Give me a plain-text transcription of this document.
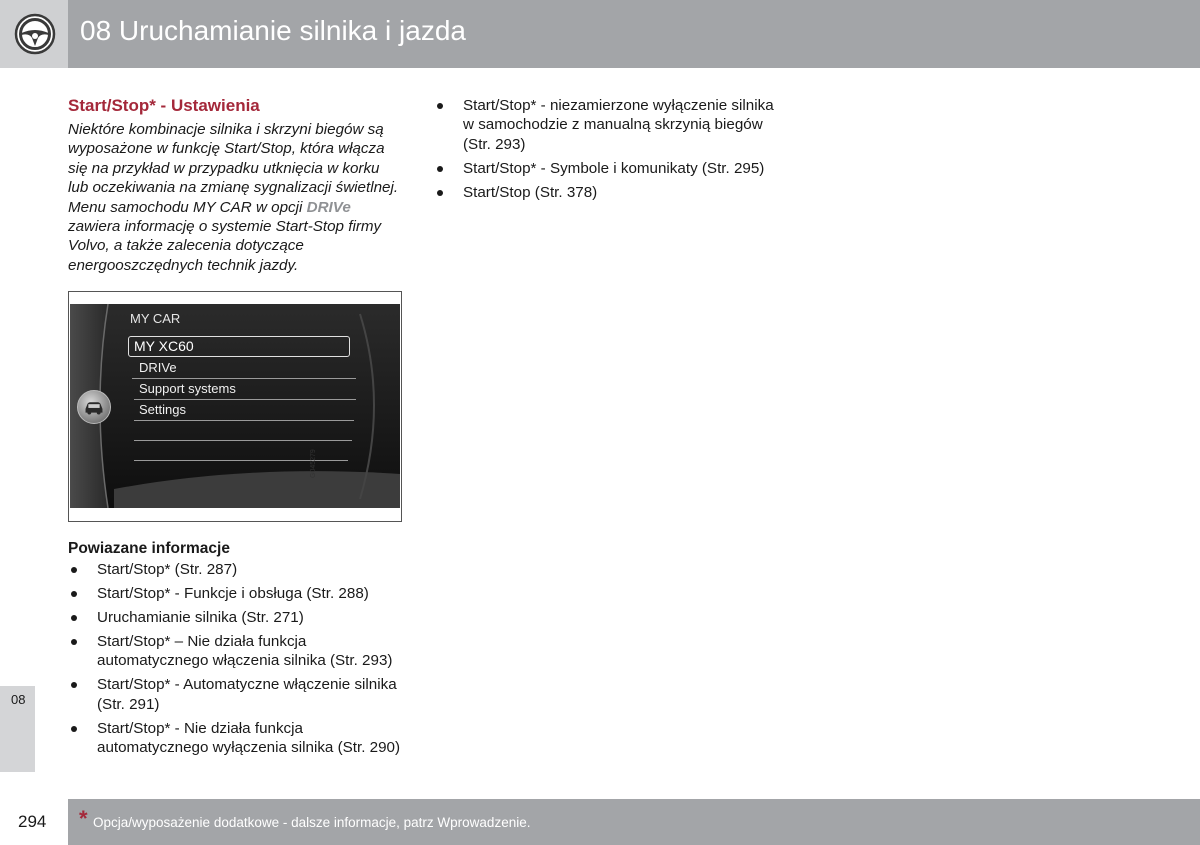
08 Uruchamianie silnika i jazda
Start/Stop* - Ustawienia

Niektóre kombinacje silnika i skrzyni biegów są wyposażone w funkcję Start/Stop, która włącza się na przykład w przypadku utknięcia w korku lub oczekiwania na zmianę sygnalizacji świetlnej. Menu samochodu MY CAR w opcji DRIVe zawiera informację o systemie Start-Stop firmy Volvo, a także zalecenia dotyczące energooszczędnych technik jazdy.

MY CAR
MY XC60
DRIVe
Support systems
Settings
G045279
Powiazane informacje
Start/Stop* (Str. 287)
Start/Stop* - Funkcje i obsługa (Str. 288)
Uruchamianie silnika (Str. 271)
Start/Stop* – Nie działa funkcja automatycznego włączenia silnika (Str. 293)
Start/Stop* - Automatyczne włączenie silnika (Str. 291)
Start/Stop* - Nie działa funkcja automatycznego wyłączenia silnika (Str. 290)
Start/Stop* - niezamierzone wyłączenie silnika w samochodzie z manualną skrzynią biegów (Str. 293)
Start/Stop* - Symbole i komunikaty (Str. 295)
Start/Stop (Str. 378)
08
294 * Opcja/wyposażenie dodatkowe - dalsze informacje, patrz Wprowadzenie.
